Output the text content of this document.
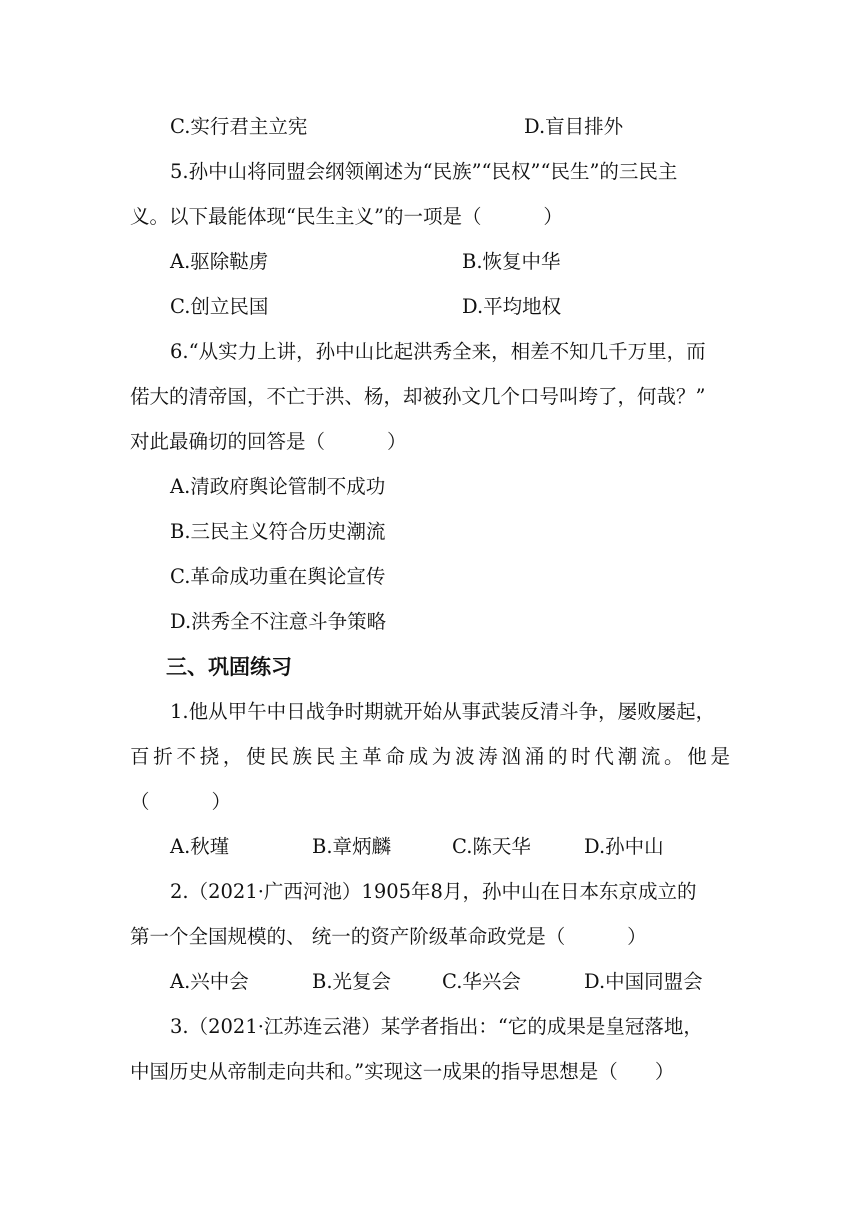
C.实行君主立宪	D.盲目排外
5.孙中山将同盟会纲领阐述为“民族”“民权”“民生”的三民主
义。以下最能体现“民生主义”的一项是（          ）
A.驱除鞑虏	B.恢复中华
C.创立民国	D.平均地权
6.“从实力上讲，孙中山比起洪秀全来，相差不知几千万里，而
偌大的清帝国，不亡于洪、杨，却被孙文几个口号叫垮了，何哉？”
对此最确切的回答是（          ）
A.清政府舆论管制不成功
B.三民主义符合历史潮流
C.革命成功重在舆论宣传
D.洪秀全不注意斗争策略
三、巩固练习
1.他从甲午中日战争时期就开始从事武装反清斗争，屡败屡起，
百折不挠，使民族民主革命成为波涛汹涌的时代潮流。他是
（          ）
A.秋瑾	B.章炳麟	C.陈天华	D.孙中山
2.（2021·广西河池）1905年8月，孙中山在日本东京成立的
第一个全国规模的、 统一的资产阶级革命政党是（          ）
A.兴中会	B.光复会	C.华兴会	D.中国同盟会
3.（2021·江苏连云港）某学者指出：“它的成果是皇冠落地，
中国历史从帝制走向共和。”实现这一成果的指导思想是（      ）
